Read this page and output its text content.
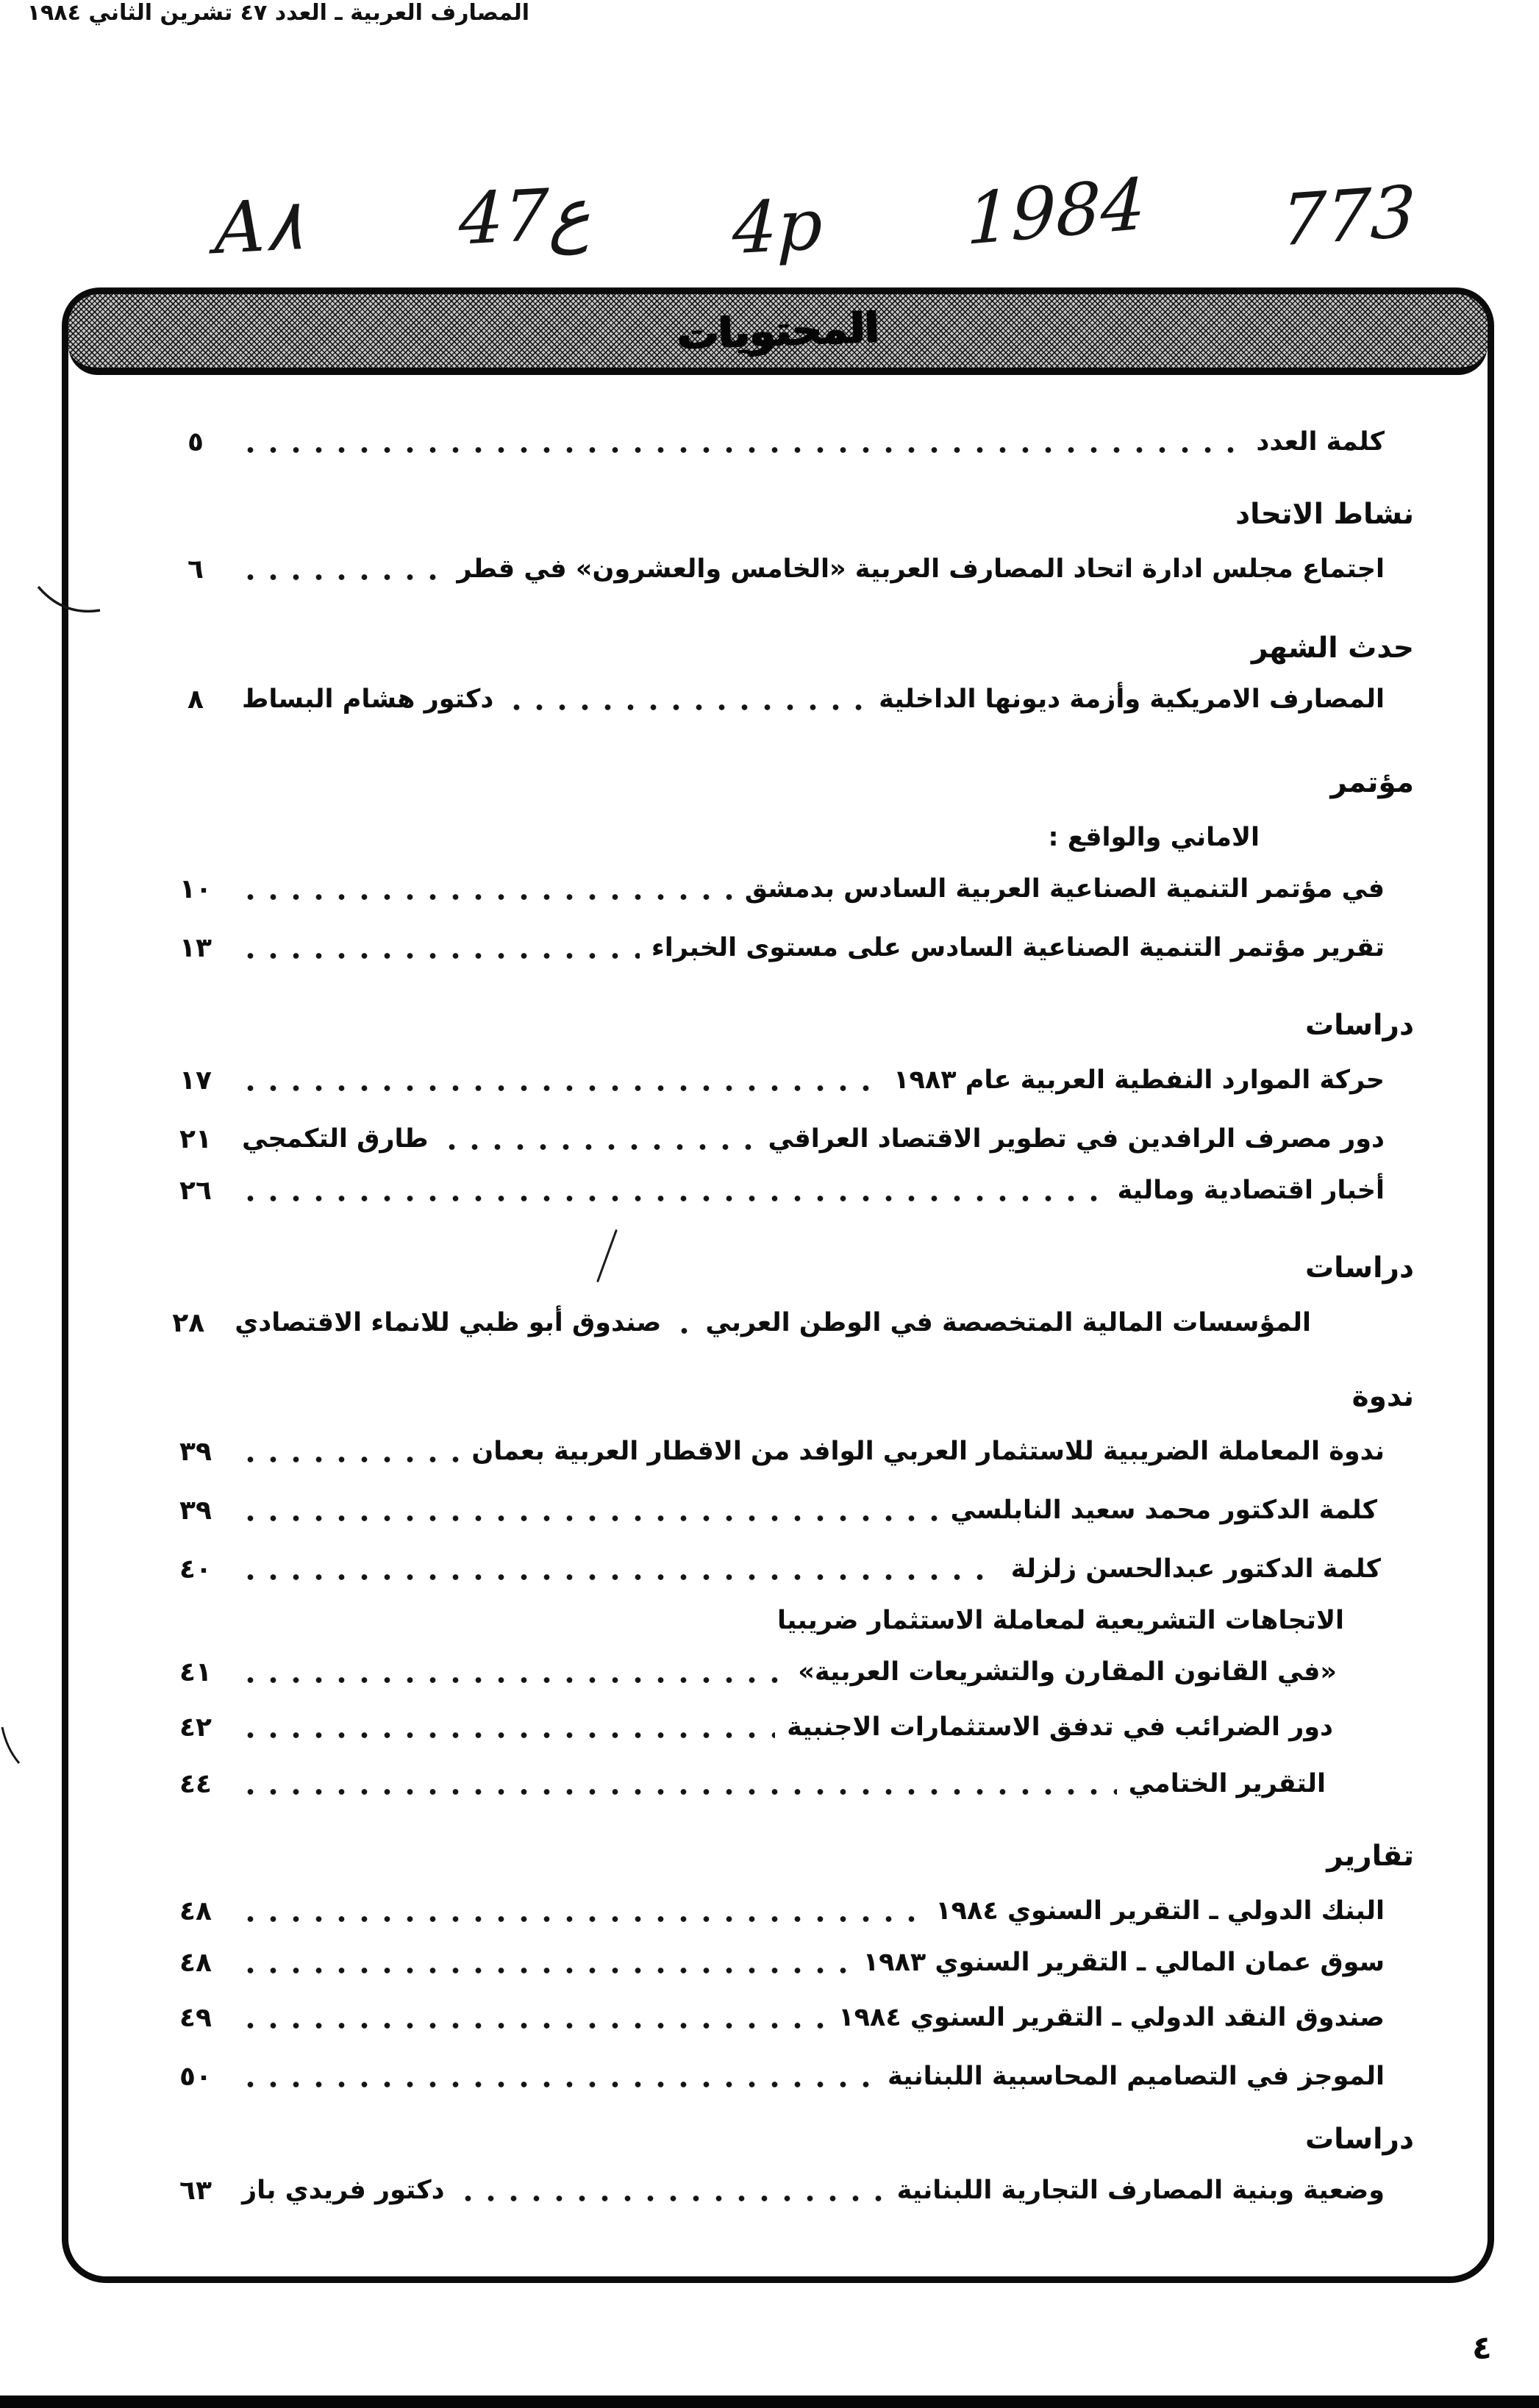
المصارف العربية ـ العدد ٤٧ تشرين الثاني ١٩٨٤
A٨ 47ع 4p 1984 773
المحتويات
كلمة العدد
٥
نشاط الاتحاد
اجتماع مجلس ادارة اتحاد المصارف العربية «الخامس والعشرون» في قطر
٦
حدث الشهر
المصارف الامريكية وأزمة ديونها الداخلية
دكتور هشام البساط
٨
مؤتمر
الاماني والواقع :
في مؤتمر التنمية الصناعية العربية السادس بدمشق
١٠
تقرير مؤتمر التنمية الصناعية السادس على مستوى الخبراء
١٣
دراسات
حركة الموارد النفطية العربية عام ١٩٨٣
١٧
دور مصرف الرافدين في تطوير الاقتصاد العراقي
طارق التكمجي
٢١
أخبار اقتصادية ومالية
٢٦
دراسات
المؤسسات المالية المتخصصة في الوطن العربي
صندوق أبو ظبي للانماء الاقتصادي
٢٨
ندوة
ندوة المعاملة الضريبية للاستثمار العربي الوافد من الاقطار العربية بعمان
٣٩
كلمة الدكتور محمد سعيد النابلسي
٣٩
كلمة الدكتور عبدالحسن زلزلة
٤٠
الاتجاهات التشريعية لمعاملة الاستثمار ضريبيا
«في القانون المقارن والتشريعات العربية»
٤١
دور الضرائب في تدفق الاستثمارات الاجنبية
٤٢
التقرير الختامي
٤٤
تقارير
البنك الدولي ـ التقرير السنوي ١٩٨٤
٤٨
سوق عمان المالي ـ التقرير السنوي ١٩٨٣
٤٨
صندوق النقد الدولي ـ التقرير السنوي ١٩٨٤
٤٩
الموجز في التصاميم المحاسبية اللبنانية
٥٠
دراسات
وضعية وبنية المصارف التجارية اللبنانية
دكتور فريدي باز
٦٣
٤
